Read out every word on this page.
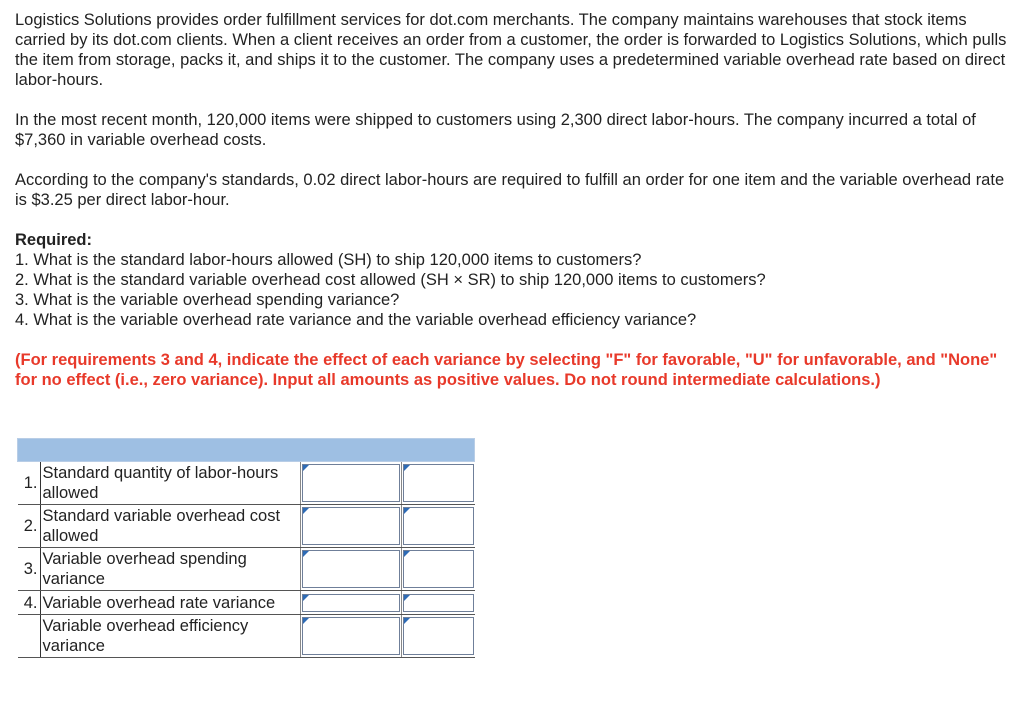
Logistics Solutions provides order fulfillment services for dot.com merchants. The company maintains warehouses that stock items carried by its dot.com clients. When a client receives an order from a customer, the order is forwarded to Logistics Solutions, which pulls the item from storage, packs it, and ships it to the customer. The company uses a predetermined variable overhead rate based on direct labor-hours.

In the most recent month, 120,000 items were shipped to customers using 2,300 direct labor-hours. The company incurred a total of $7,360 in variable overhead costs.

According to the company's standards, 0.02 direct labor-hours are required to fulfill an order for one item and the variable overhead rate is $3.25 per direct labor-hour.

Required:
1. What is the standard labor-hours allowed (SH) to ship 120,000 items to customers?
2. What is the standard variable overhead cost allowed (SH × SR) to ship 120,000 items to customers?
3. What is the variable overhead spending variance?
4. What is the variable overhead rate variance and the variable overhead efficiency variance?

(For requirements 3 and 4, indicate the effect of each variance by selecting "F" for favorable, "U" for unfavorable, and "None" for no effect (i.e., zero variance). Input all amounts as positive values. Do not round intermediate calculations.)

1.	Standard quantity of labor-hours allowed	

2.	Standard variable overhead cost allowed	

3.	Variable overhead spending variance	

4.	Variable overhead rate variance	

	Variable overhead efficiency variance	
